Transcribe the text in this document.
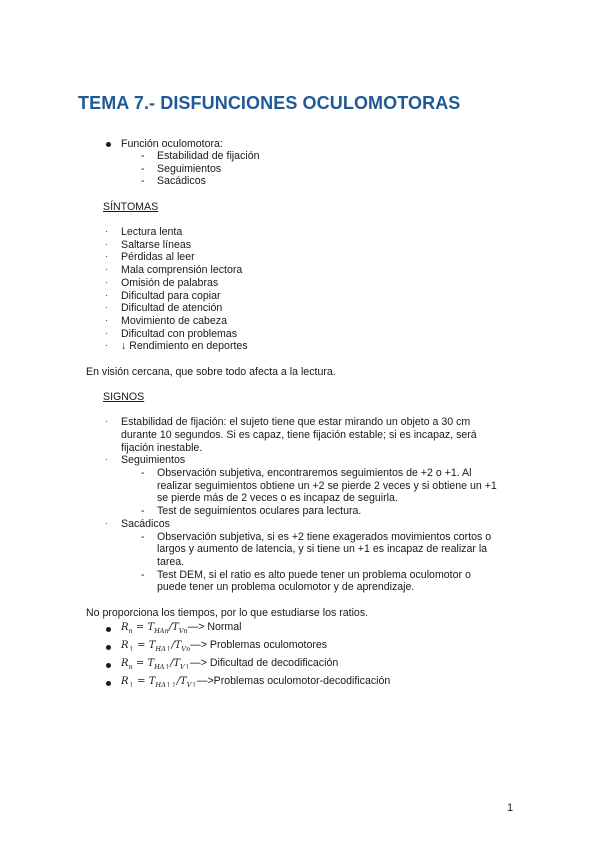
TEMA 7.- DISFUNCIONES OCULOMOTORAS
Función oculomotora:
- Estabilidad de fijación
- Seguimientos
- Sacádicos
SÍNTOMAS
· Lectura lenta
· Saltarse líneas
· Pérdidas al leer
· Mala comprensión lectora
· Omisión de palabras
· Dificultad para copiar
· Dificultad de atención
· Movimiento de cabeza
· Dificultad con problemas
· ↓ Rendimiento en deportes
En visión cercana, que sobre todo afecta a la lectura.
SIGNOS
· Estabilidad de fijación: el sujeto tiene que estar mirando un objeto a 30 cm
durante 10 segundos. Si es capaz, tiene fijación estable; si es incapaz, será
fijación inestable.
· Seguimientos
- Observación subjetiva, encontraremos seguimientos de +2 o +1. Al
realizar seguimientos obtiene un +2 se pierde 2 veces y si obtiene un +1
se pierde más de 2 veces o es incapaz de seguirla.
- Test de seguimientos oculares para lectura.
· Sacádicos
- Observación subjetiva, si es +2 tiene exagerados movimientos cortos o
largos y aumento de latencia, y si tiene un +1 es incapaz de realizar la
tarea.
- Test DEM, si el ratio es alto puede tener un problema oculomotor o
puede tener un problema oculomotor y de aprendizaje.
No proporciona los tiempos, por lo que estudiarse los ratios.
$R_n$ = $T_{HAn}/T_{Vn}—>$ Normal
$R_↑$ = $T_{HA↑}/T_{Vn}—>$ Problemas oculomotores
$R_n$ = $T_{HA↑}/T_{V↑}—>$ Dificultad de decodificación
$R_↑$ = $T_{HA↑↑}/T_{V↑}—>Problemas$ oculomotor-decodificación
1
